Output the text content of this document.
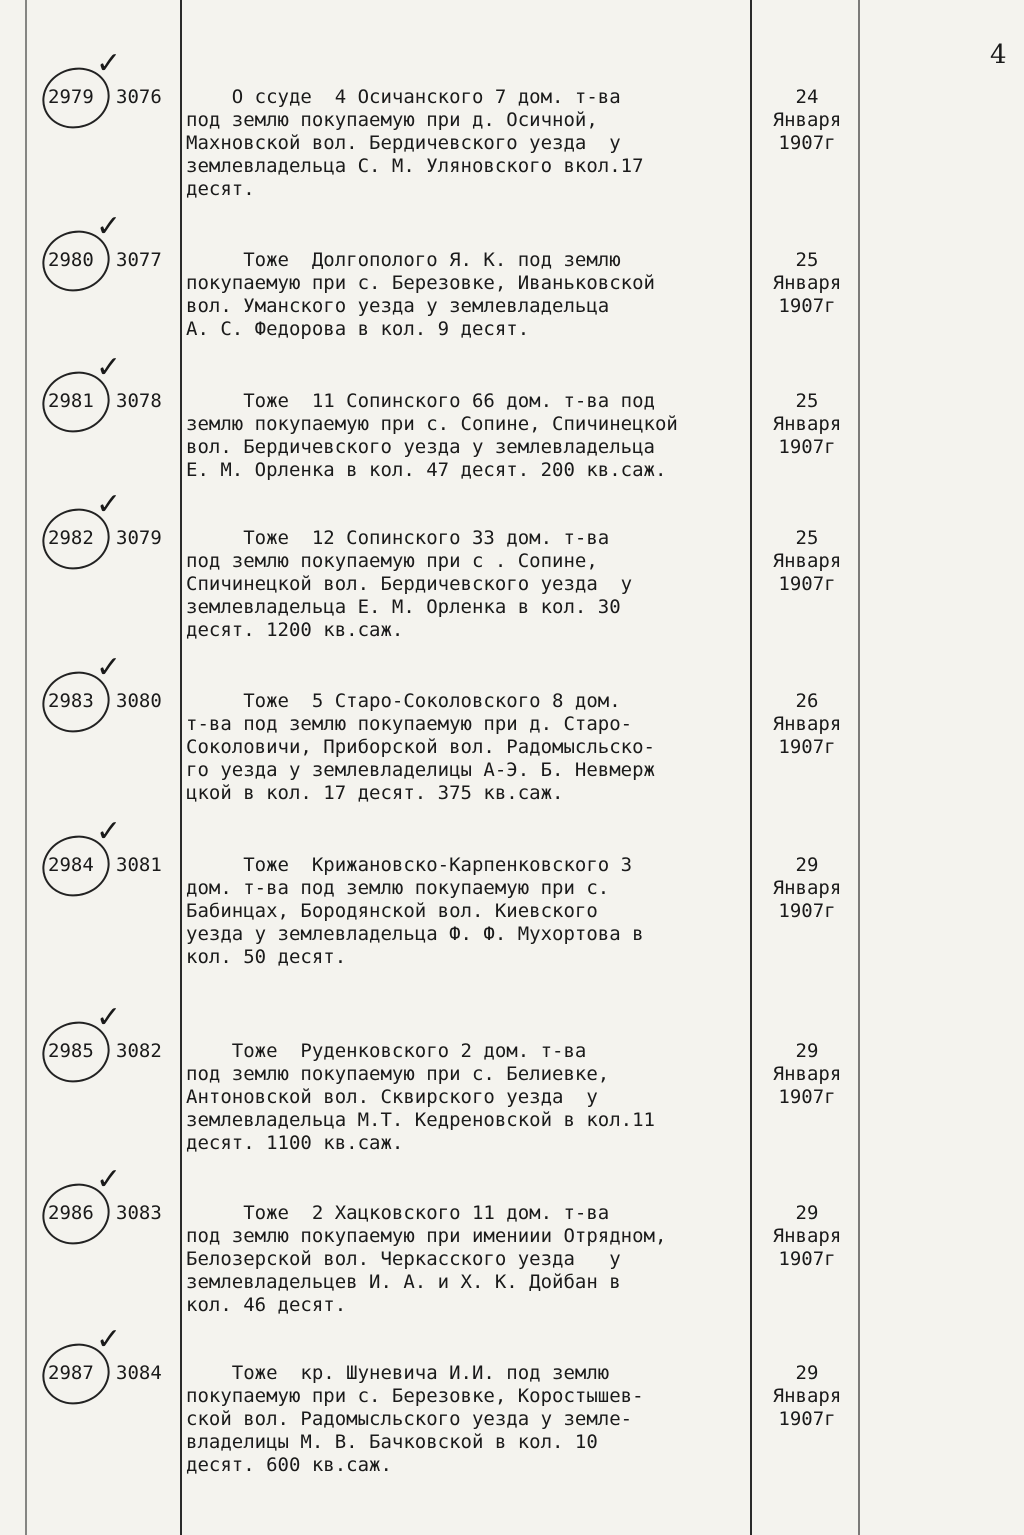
4
✓
2979 3076 О ссуде  4 Осичанского 7 дом. т-ва
под землю покупаемую при д. Осичной,
Махновской вол. Бердичевского уезда  у
землевладельца С. М. Уляновского вкол.17
десят.
24
Января
1907г
✓
2980 3077 Тоже  Долгополого Я. К. под землю
покупаемую при с. Березовке, Иваньковской
вол. Уманского уезда у землевладельца
А. С. Федорова в кол. 9 десят.
25
Января
1907г
✓
2981 3078 Тоже  11 Сопинского 66 дом. т-ва под
землю покупаемую при с. Сопине, Спичинецкой
вол. Бердичевского уезда у землевладельца
Е. М. Орленка в кол. 47 десят. 200 кв.саж.
25
Января
1907г
✓
2982 3079 Тоже  12 Сопинского 33 дом. т-ва
под землю покупаемую при с . Сопине,
Спичинецкой вол. Бердичевского уезда  у
землевладельца Е. М. Орленка в кол. 30
десят. 1200 кв.саж.
25
Января
1907г
✓
2983 3080 Тоже  5 Старо-Соколовского 8 дом.
т-ва под землю покупаемую при д. Старо-
Соколовичи, Приборской вол. Радомысльско-
го уезда у землевладелицы А-Э. Б. Невмерж
цкой в кол. 17 десят. 375 кв.саж.
26
Января
1907г
✓
2984 3081 Тоже  Крижановско-Карпенковского 3
дом. т-ва под землю покупаемую при с.
Бабинцах, Бородянской вол. Киевского
уезда у землевладельца Ф. Ф. Мухортова в
кол. 50 десят.
29
Января
1907г
✓
2985 3082 Тоже  Руденковского 2 дом. т-ва
под землю покупаемую при с. Белиевке,
Антоновской вол. Сквирского уезда  у
землевладельца М.Т. Кедреновской в кол.11
десят. 1100 кв.саж.
29
Января
1907г
✓
2986 3083 Тоже  2 Хацковского 11 дом. т-ва
под землю покупаемую при имениии Отрядном,
Белозерской вол. Черкасского уезда   у
землевладельцев И. А. и Х. К. Дойбан в
кол. 46 десят.
29
Января
1907г
✓
2987 3084 Тоже  кр. Шуневича И.И. под землю
покупаемую при с. Березовке, Коростышев-
ской вол. Радомысльского уезда у земле-
владелицы М. В. Бачковской в кол. 10
десят. 600 кв.саж.
29
Января
1907г
